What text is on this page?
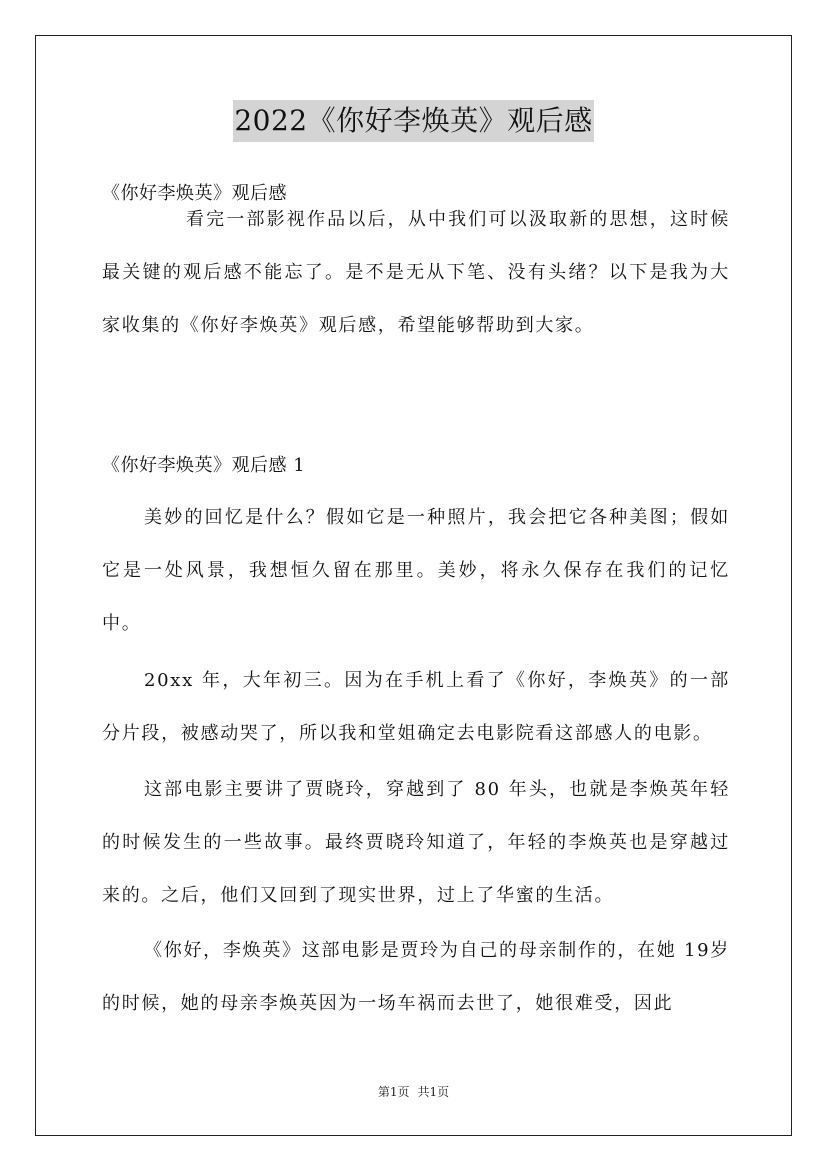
2022《你好李焕英》观后感

《你好李焕英》观后感

看完一部影视作品以后，从中我们可以汲取新的思想，这时候最关键的观后感不能忘了。是不是无从下笔、没有头绪？以下是我为大家收集的《你好李焕英》观后感，希望能够帮助到大家。

《你好李焕英》观后感 1

美妙的回忆是什么？假如它是一种照片，我会把它各种美图；假如它是一处风景，我想恒久留在那里。美妙，将永久保存在我们的记忆中。

20xx 年，大年初三。因为在手机上看了《你好，李焕英》的一部分片段，被感动哭了，所以我和堂姐确定去电影院看这部感人的电影。

这部电影主要讲了贾晓玲，穿越到了 80 年头，也就是李焕英年轻的时候发生的一些故事。最终贾晓玲知道了，年轻的李焕英也是穿越过来的。之后，他们又回到了现实世界，过上了华蜜的生活。

《你好，李焕英》这部电影是贾玲为自己的母亲制作的，在她 19岁的时候，她的母亲李焕英因为一场车祸而去世了，她很难受，因此

第1页 共1页
